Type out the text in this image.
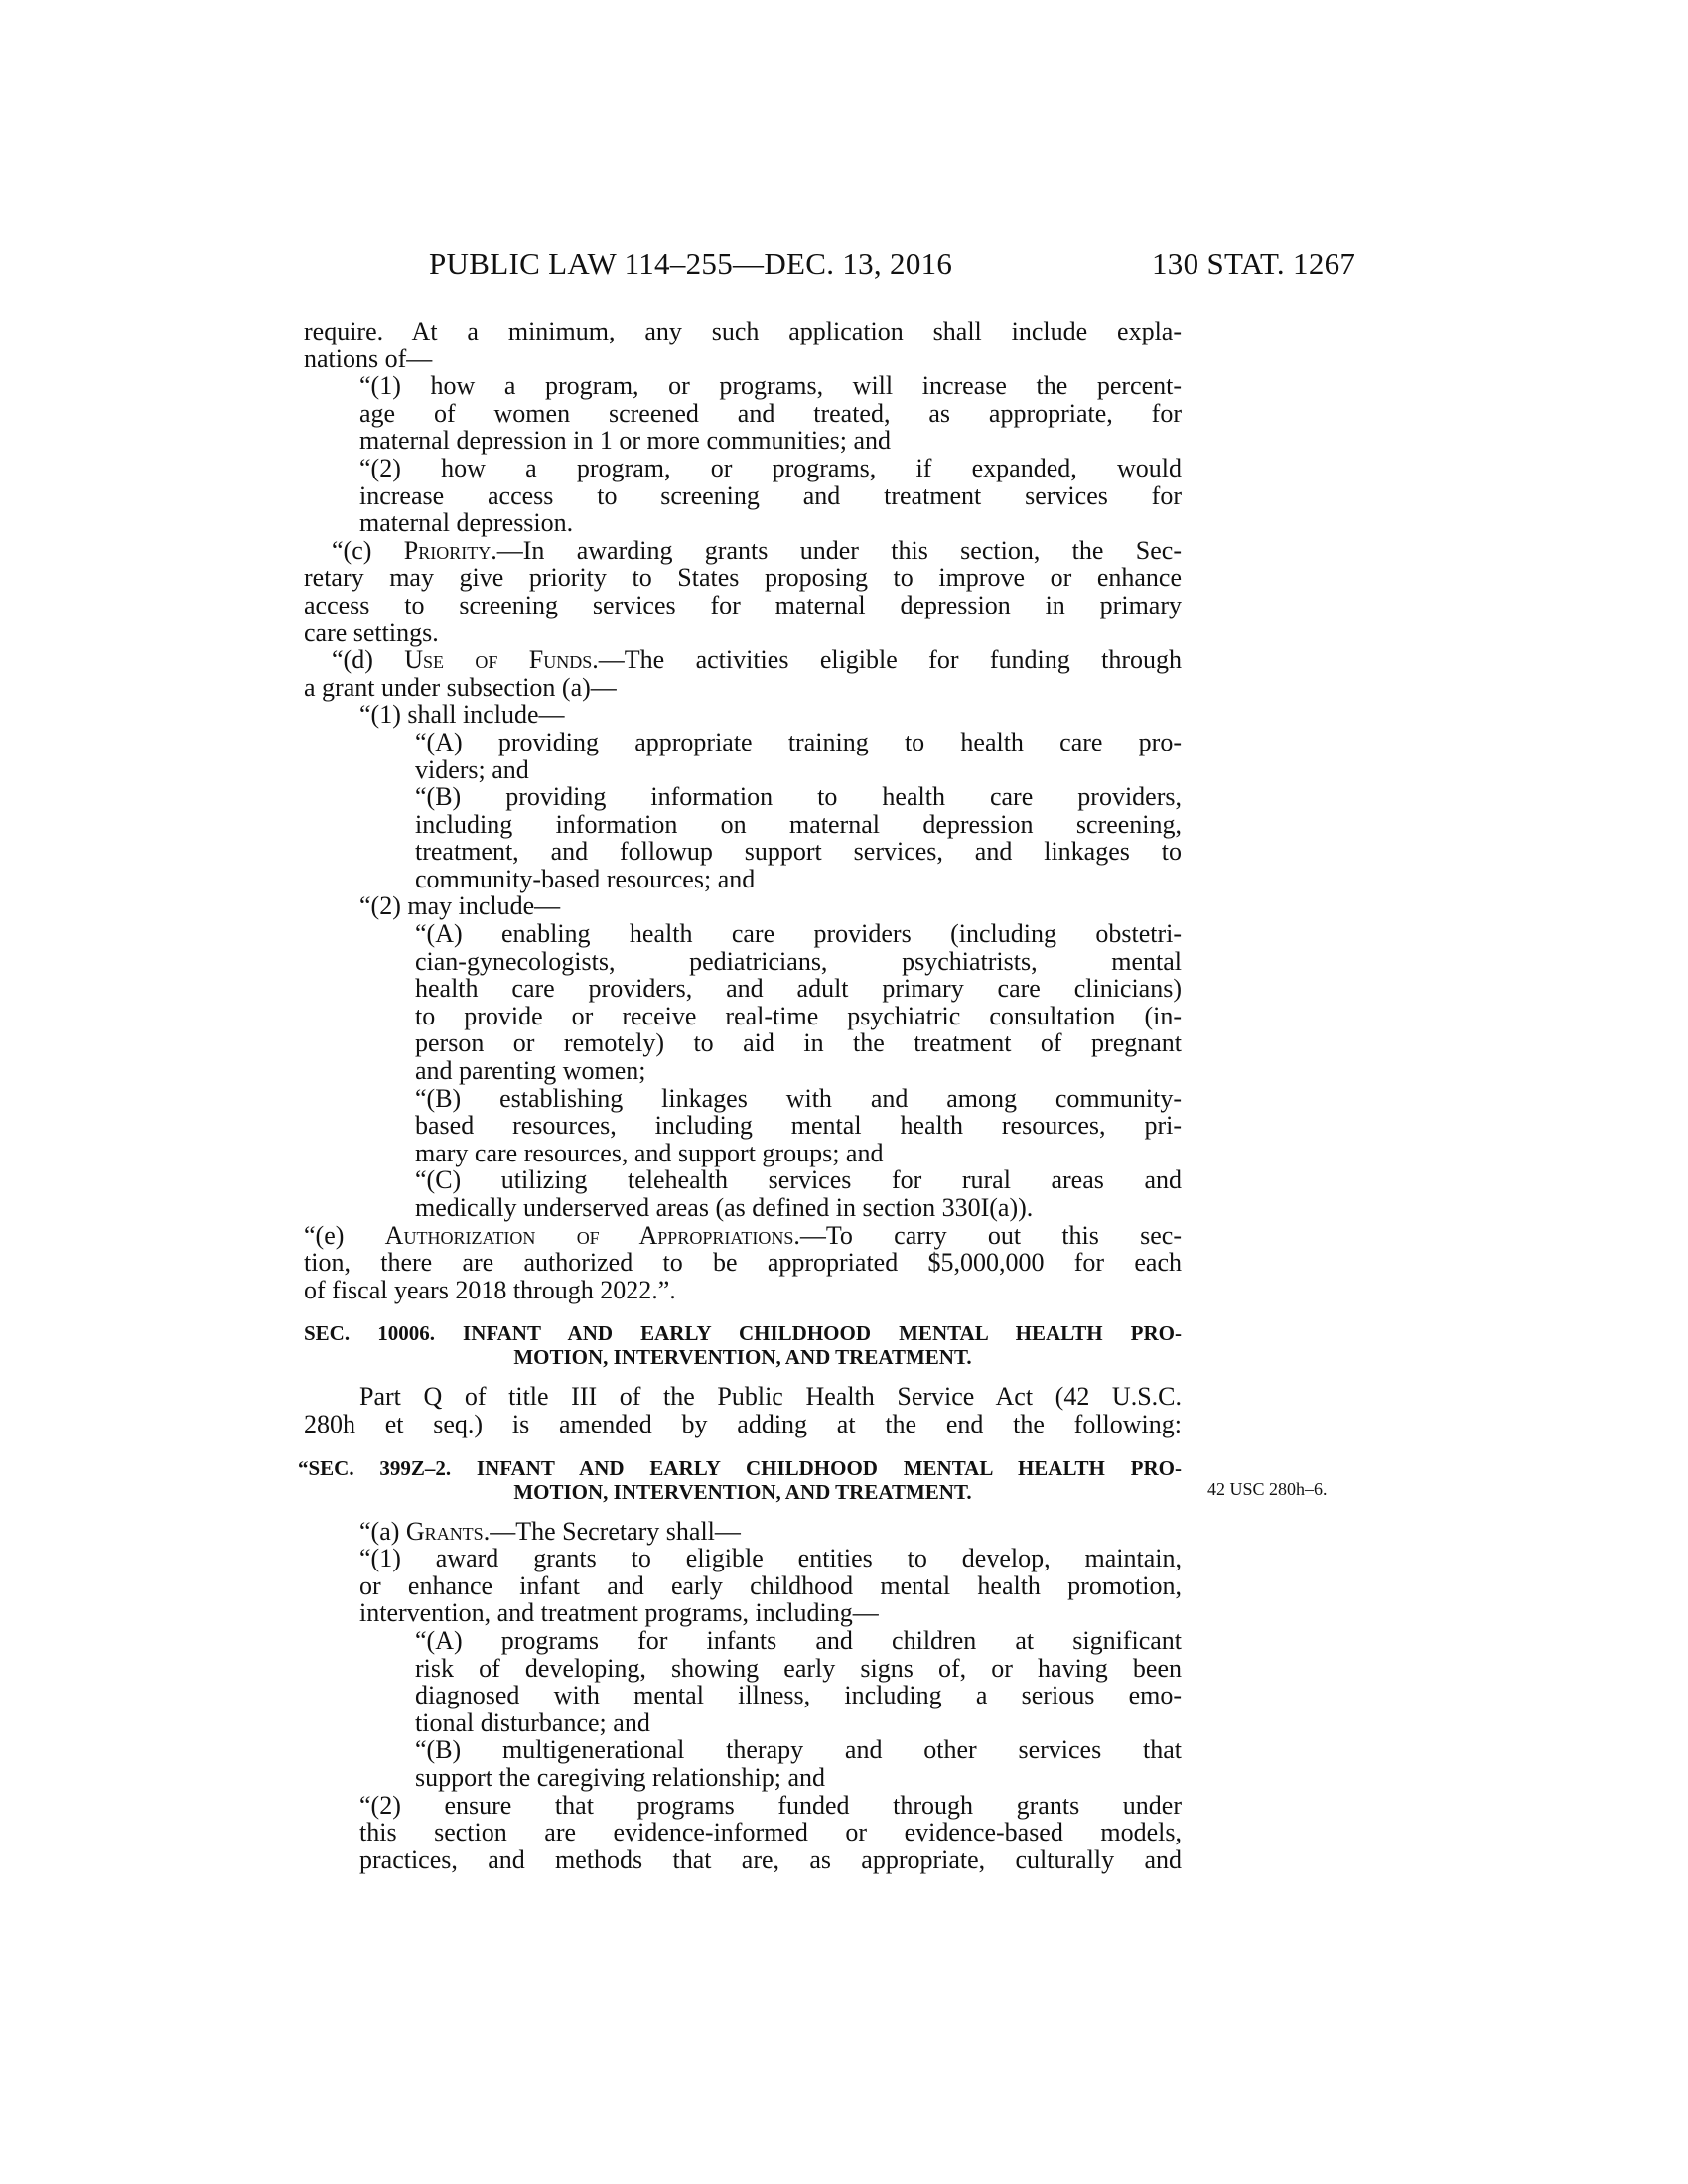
PUBLIC LAW 114–255—DEC. 13, 2016	130 STAT. 1267
require. At a minimum, any such application shall include expla-
nations of—
“(1) how a program, or programs, will increase the percent-
age of women screened and treated, as appropriate, for
maternal depression in 1 or more communities; and
“(2) how a program, or programs, if expanded, would
increase access to screening and treatment services for
maternal depression.
“(c) Priority.—In awarding grants under this section, the Sec-
retary may give priority to States proposing to improve or enhance
access to screening services for maternal depression in primary
care settings.
“(d) Use of Funds.—The activities eligible for funding through
a grant under subsection (a)—
“(1) shall include—
“(A) providing appropriate training to health care pro-
viders; and
“(B) providing information to health care providers,
including information on maternal depression screening,
treatment, and followup support services, and linkages to
community-based resources; and
“(2) may include—
“(A) enabling health care providers (including obstetri-
cian-gynecologists, pediatricians, psychiatrists, mental
health care providers, and adult primary care clinicians)
to provide or receive real-time psychiatric consultation (in-
person or remotely) to aid in the treatment of pregnant
and parenting women;
“(B) establishing linkages with and among community-
based resources, including mental health resources, pri-
mary care resources, and support groups; and
“(C) utilizing telehealth services for rural areas and
medically underserved areas (as defined in section 330I(a)).
“(e) Authorization of Appropriations.—To carry out this sec-
tion, there are authorized to be appropriated $5,000,000 for each
of fiscal years 2018 through 2022.”.
SEC. 10006. INFANT AND EARLY CHILDHOOD MENTAL HEALTH PRO-
MOTION, INTERVENTION, AND TREATMENT.
Part Q of title III of the Public Health Service Act (42 U.S.C.
280h et seq.) is amended by adding at the end the following:
“SEC. 399Z–2. INFANT AND EARLY CHILDHOOD MENTAL HEALTH PRO-
MOTION, INTERVENTION, AND TREATMENT.
“(a) Grants.—The Secretary shall—
“(1) award grants to eligible entities to develop, maintain,
or enhance infant and early childhood mental health promotion,
intervention, and treatment programs, including—
“(A) programs for infants and children at significant
risk of developing, showing early signs of, or having been
diagnosed with mental illness, including a serious emo-
tional disturbance; and
“(B) multigenerational therapy and other services that
support the caregiving relationship; and
“(2) ensure that programs funded through grants under
this section are evidence-informed or evidence-based models,
practices, and methods that are, as appropriate, culturally and
42 USC 280h–6.
